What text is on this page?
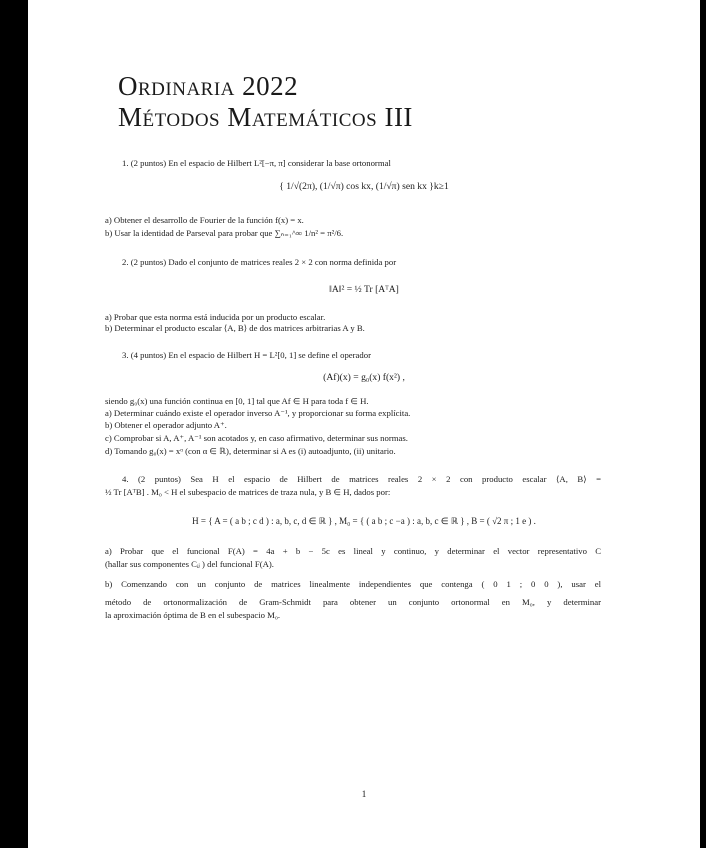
Ordinaria 2022
Métodos Matemáticos III
1. (2 puntos) En el espacio de Hilbert L²[−π, π] considerar la base ortonormal
{ 1/√(2π), (1/√π) cos kx, (1/√π) sen kx }k≥1
a) Obtener el desarrollo de Fourier de la función f(x) = x.
b) Usar la identidad de Parseval para probar que ∑ₙ₌₁^∞ 1/n² = π²/6.
2. (2 puntos) Dado el conjunto de matrices reales 2 × 2 con norma definida por
‖A‖² = ½ Tr [AᵀA]
a) Probar que esta norma está inducida por un producto escalar.
b) Determinar el producto escalar ⟨A, B⟩ de dos matrices arbitrarias A y B.
3. (4 puntos) En el espacio de Hilbert H = L²[0, 1] se define el operador
(Af)(x) = g₀(x) f(x²) ,
siendo g₀(x) una función continua en [0, 1] tal que Af ∈ H para toda f ∈ H.
a) Determinar cuándo existe el operador inverso A⁻¹, y proporcionar su forma explícita.
b) Obtener el operador adjunto A⁺.
c) Comprobar si A, A⁺, A⁻¹ son acotados y, en caso afirmativo, determinar sus normas.
d) Tomando g₀(x) = xᵅ (con α ∈ ℝ), determinar si A es (i) autoadjunto, (ii) unitario.
4. (2 puntos) Sea H el espacio de Hilbert de matrices reales 2 × 2 con producto escalar ⟨A, B⟩ =
½ Tr [AᵀB] . M₀ < H el subespacio de matrices de traza nula, y B ∈ H, dados por:
H = { A = ( a b ; c d ) : a, b, c, d ∈ ℝ } , M₀ = { ( a b ; c −a ) : a, b, c ∈ ℝ } , B = ( √2 π ; 1 e ) .
a) Probar que el funcional F(A) = 4a + b − 5c es lineal y continuo, y determinar el vector representativo C
(hallar sus componentes Cᵢⱼ ) del funcional F(A).
b) Comenzando con un conjunto de matrices linealmente independientes que contenga ( 0 1 ; 0 0 ), usar el
método de ortonormalización de Gram-Schmidt para obtener un conjunto ortonormal en M₀, y determinar
la aproximación óptima de B en el subespacio M₀.
1
